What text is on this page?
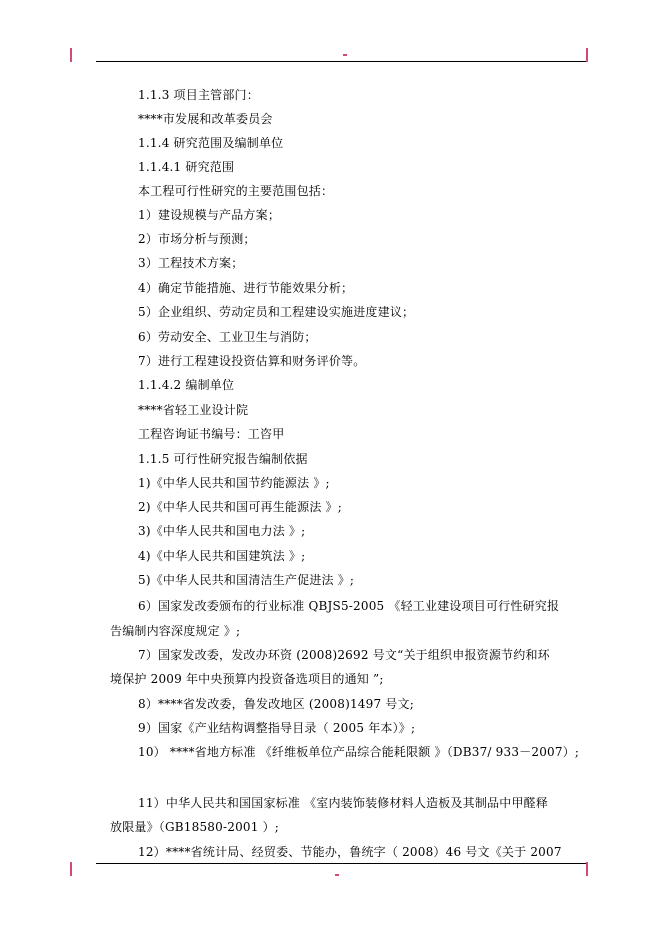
1.1.3 项目主管部门：
****市发展和改革委员会
1.1.4 研究范围及编制单位
1.1.4.1 研究范围
本工程可行性研究的主要范围包括：
1）建设规模与产品方案；
2）市场分析与预测；
3）工程技术方案；
4）确定节能措施、进行节能效果分析；
5）企业组织、劳动定员和工程建设实施进度建议；
6）劳动安全、工业卫生与消防；
7）进行工程建设投资估算和财务评价等。
1.1.4.2 编制单位
****省轻工业设计院
工程咨询证书编号：工咨甲
1.1.5 可行性研究报告编制依据
1)《中华人民共和国节约能源法 》;
2)《中华人民共和国可再生能源法 》;
3)《中华人民共和国电力法 》;
4)《中华人民共和国建筑法 》;
5)《中华人民共和国清洁生产促进法 》;
6）国家发改委颁布的行业标准 QBJS5-2005 《轻工业建设项目可行性研究报
告编制内容深度规定 》;
7）国家发改委，发改办环资 (2008)2692 号文“关于组织申报资源节约和环
境保护 2009 年中央预算内投资备选项目的通知 ”;
8）****省发改委，鲁发改地区 (2008)1497 号文;
9）国家《产业结构调整指导目录（ 2005 年本）》;
10） ****省地方标准 《纤维板单位产品综合能耗限额 》（DB37/ 933－2007）;
11）中华人民共和国国家标准 《室内装饰装修材料人造板及其制品中甲醛释
放限量》（GB18580-2001 ）;
12）****省统计局、经贸委、节能办，鲁统字（ 2008）46 号文《关于 2007
